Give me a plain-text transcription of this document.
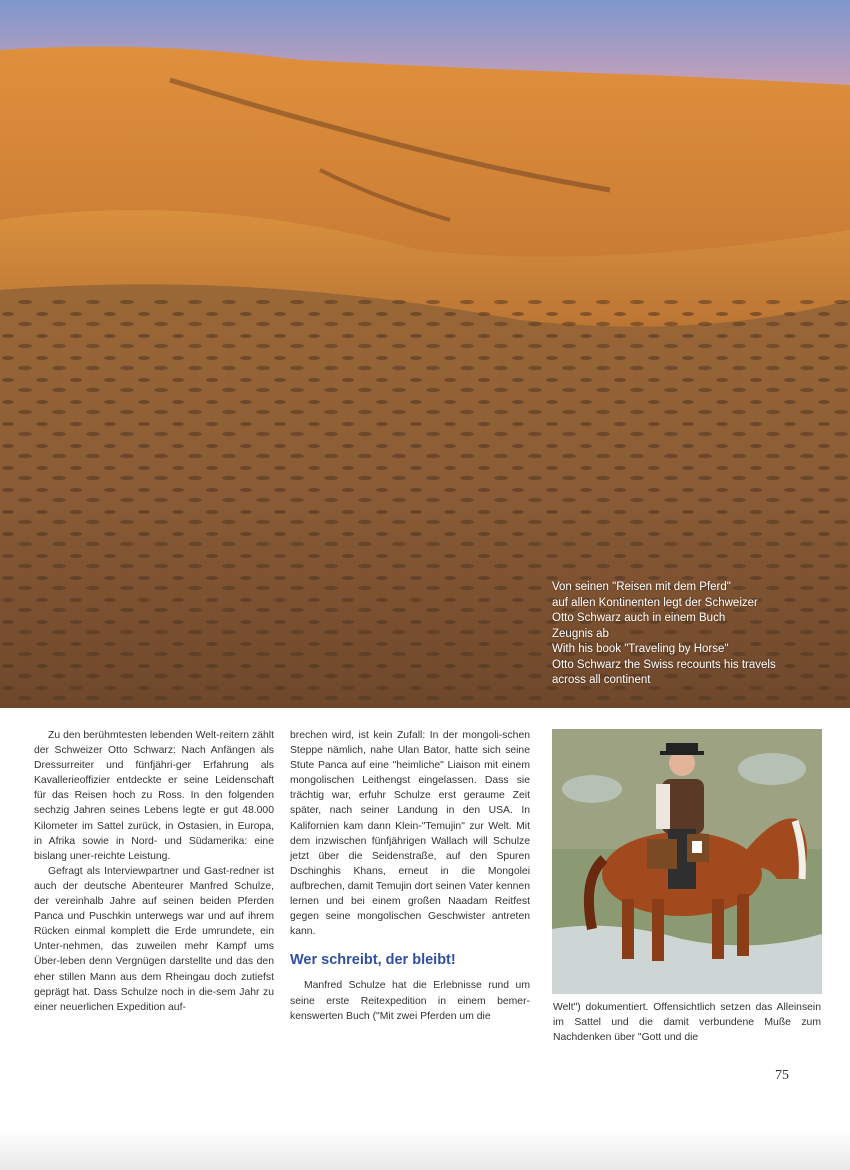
Von seinen "Reisen mit dem Pferd"
auf allen Kontinenten legt der Schweizer
Otto Schwarz auch in einem Buch
Zeugnis ab
With his book "Traveling by Horse"
Otto Schwarz the Swiss recounts his travels
across all continent

Zu den berühmtesten lebenden Welt-reitern zählt der Schweizer Otto Schwarz: Nach Anfängen als Dressurreiter und fünfjähri-ger Erfahrung als Kavallerieoffizier entdeckte er seine Leidenschaft für das Reisen hoch zu Ross. In den folgenden sechzig Jahren seines Lebens legte er gut 48.000 Kilometer im Sattel zurück, in Ostasien, in Europa, in Afrika sowie in Nord- und Südamerika: eine bislang uner-reichte Leistung.

Gefragt als Interviewpartner und Gast-redner ist auch der deutsche Abenteurer Manfred Schulze, der vereinhalb Jahre auf seinen beiden Pferden Panca und Puschkin unterwegs war und auf ihrem Rücken einmal komplett die Erde umrundete, ein Unter-nehmen, das zuweilen mehr Kampf ums Über-leben denn Vergnügen darstellte und das den eher stillen Mann aus dem Rheingau doch zutiefst geprägt hat. Dass Schulze noch in die-sem Jahr zu einer neuerlichen Expedition auf-

brechen wird, ist kein Zufall: In der mongoli-schen Steppe nämlich, nahe Ulan Bator, hatte sich seine Stute Panca auf eine "heimliche" Liaison mit einem mongolischen Leithengst eingelassen. Dass sie trächtig war, erfuhr Schulze erst geraume Zeit später, nach seiner Landung in den USA. In Kalifornien kam dann Klein-"Temujin" zur Welt. Mit dem inzwischen fünfjährigen Wallach will Schulze jetzt über die Seidenstraße, auf den Spuren Dschinghis Khans, erneut in die Mongolei aufbrechen, damit Temujin dort seinen Vater kennen lernen und bei einem großen Naadam Reitfest gegen seine mongolischen Geschwister antreten kann.

Wer schreibt, der bleibt!

Manfred Schulze hat die Erlebnisse rund um seine erste Reitexpedition in einem bemer-kenswerten Buch ("Mit zwei Pferden um die

Welt") dokumentiert. Offensichtlich setzen das Alleinsein im Sattel und die damit verbundene Muße zum Nachdenken über "Gott und die

75
